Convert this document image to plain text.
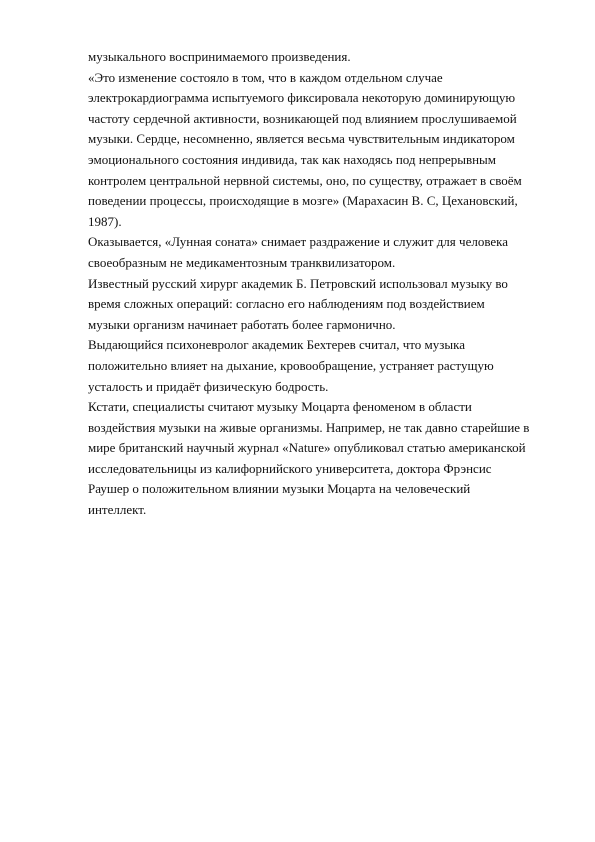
музыкального воспринимаемого произведения.
«Это изменение состояло в том, что в каждом отдельном случае
электрокардиограмма испытуемого фиксировала некоторую доминирующую
частоту сердечной активности, возникающей под влиянием прослушиваемой
музыки. Сердце, несомненно, является весьма чувствительным индикатором
эмоционального состояния индивида, так как находясь под непрерывным
контролем центральной нервной системы, оно, по существу, отражает в своём
поведении процессы, происходящие в мозге» (Марахасин В. С, Цехановский,
1987).
Оказывается, «Лунная соната» снимает раздражение и служит для человека
своеобразным не медикаментозным транквилизатором.
Известный русский хирург академик Б. Петровский использовал музыку во
время сложных операций: согласно его наблюдениям под воздействием
музыки организм начинает работать более гармонично.
Выдающийся психоневролог академик Бехтерев считал, что музыка
положительно влияет на дыхание, кровообращение, устраняет растущую
усталость и придаёт физическую бодрость.
Кстати, специалисты считают музыку Моцарта феноменом в области
воздействия музыки на живые организмы. Например, не так давно старейшие в
мире британский научный журнал «Nature» опубликовал статью американской
исследовательницы из калифорнийского университета, доктора Фрэнсис
Раушер о положительном влиянии музыки Моцарта на человеческий
интеллект.
